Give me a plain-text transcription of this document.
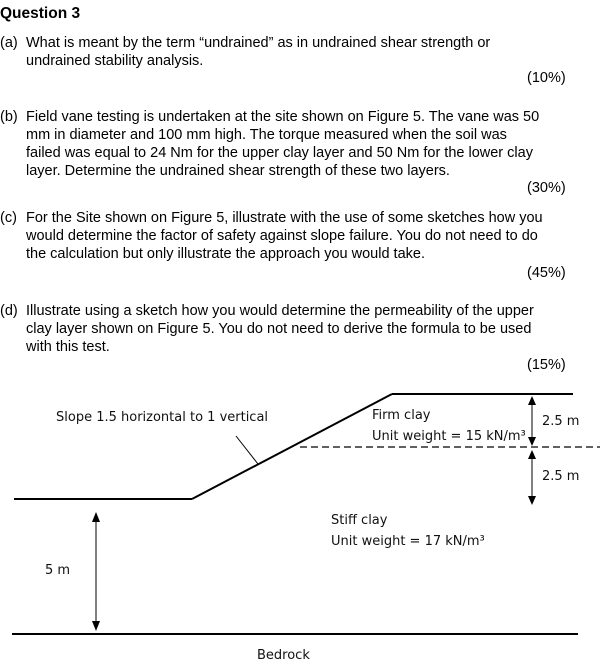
Question 3
(a) What is meant by the term “undrained” as in undrained shear strength or
undrained stability analysis.
(10%)
(b) Field vane testing is undertaken at the site shown on Figure 5. The vane was 50
mm in diameter and 100 mm high. The torque measured when the soil was
failed was equal to 24 Nm for the upper clay layer and 50 Nm for the lower clay
layer. Determine the undrained shear strength of these two layers.
(30%)
(c) For the Site shown on Figure 5, illustrate with the use of some sketches how you
would determine the factor of safety against slope failure. You do not need to do
the calculation but only illustrate the approach you would take.
(45%)
(d) Illustrate using a sketch how you would determine the permeability of the upper
clay layer shown on Figure 5. You do not need to derive the formula to be used
with this test.
(15%)
Slope 1.5 horizontal to 1 vertical	Firm clay
Unit weight = 15 kN/m³
2.5 m
2.5 m
Stiff clay
Unit weight = 17 kN/m³
5 m
Bedrock
